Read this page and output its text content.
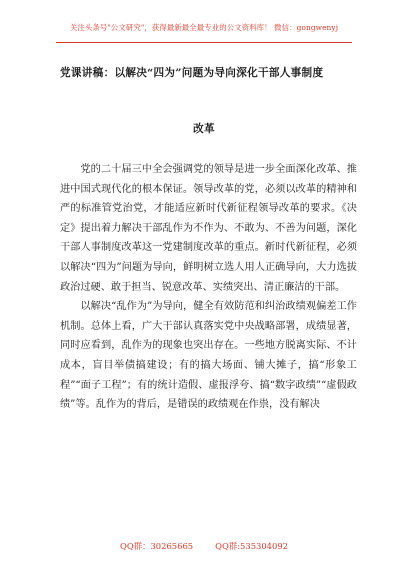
关注头条号"公文研究"，获得最新最全最专业的公文资料库！ 微信：gongwenyj
党课讲稿：以解决“四为”问题为导向深化干部人事制度
改革

党的二十届三中全会强调党的领导是进一步全面深化改革、推进中国式现代化的根本保证。领导改革的党，必须以改革的精神和严的标准管党治党，才能适应新时代新征程领导改革的要求。《决定》提出着力解决干部乱作为不作为、不敢为、不善为问题，深化干部人事制度改革这一党建制度改革的重点。新时代新征程，必须以解决“四为”问题为导向，鲜明树立选人用人正确导向，大力选拔政治过硬、敢于担当、锐意改革、实绩突出、清正廉洁的干部。

以解决“乱作为”为导向，健全有效防范和纠治政绩观偏差工作机制。总体上看，广大干部认真落实党中央战略部署，成绩显著，同时应看到，乱作为的现象也突出存在。一些地方脱离实际、不计成本，盲目举债搞建设；有的搞大场面、铺大摊子，搞“形象工程”“面子工程”；有的统计造假、虚报浮夸、搞“数字政绩”“虚假政绩”等。乱作为的背后，是错误的政绩观在作祟，没有解决

QQ群：30265665	QQ群:535304092
